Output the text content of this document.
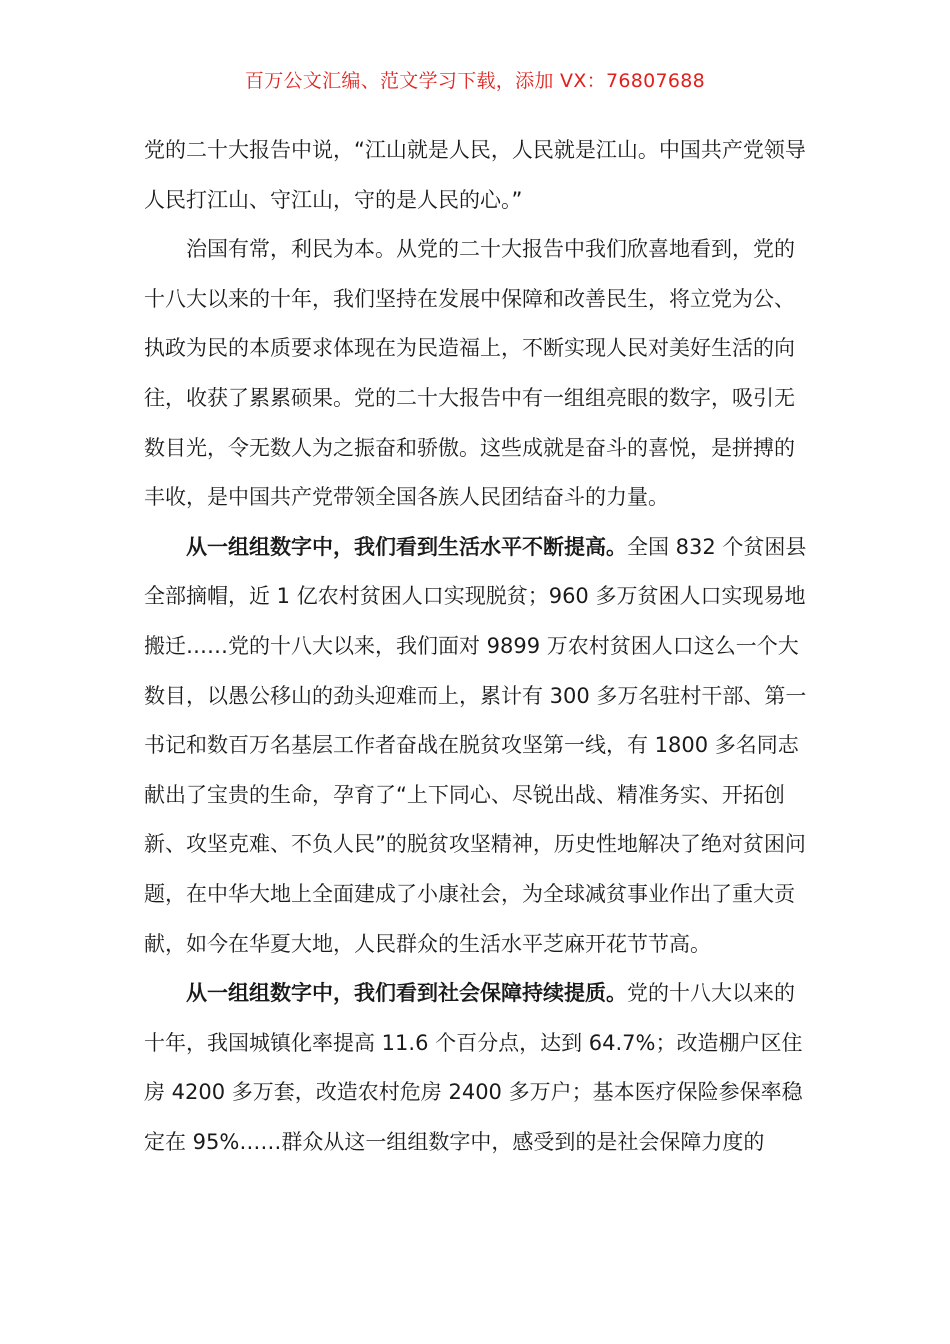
百万公文汇编、范文学习下载，添加 VX：76807688

党的二十大报告中说，“江山就是人民，人民就是江山。中国共产党领导人民打江山、守江山，守的是人民的心。”

治国有常，利民为本。从党的二十大报告中我们欣喜地看到，党的十八大以来的十年，我们坚持在发展中保障和改善民生，将立党为公、执政为民的本质要求体现在为民造福上，不断实现人民对美好生活的向往，收获了累累硕果。党的二十大报告中有一组组亮眼的数字，吸引无数目光，令无数人为之振奋和骄傲。这些成就是奋斗的喜悦，是拼搏的丰收，是中国共产党带领全国各族人民团结奋斗的力量。

从一组组数字中，我们看到生活水平不断提高。全国 832 个贫困县全部摘帽，近 1 亿农村贫困人口实现脱贫；960 多万贫困人口实现易地搬迁……党的十八大以来，我们面对 9899 万农村贫困人口这么一个大数目，以愚公移山的劲头迎难而上，累计有 300 多万名驻村干部、第一书记和数百万名基层工作者奋战在脱贫攻坚第一线，有 1800 多名同志献出了宝贵的生命，孕育了“上下同心、尽锐出战、精准务实、开拓创新、攻坚克难、不负人民”的脱贫攻坚精神，历史性地解决了绝对贫困问题，在中华大地上全面建成了小康社会，为全球减贫事业作出了重大贡献，如今在华夏大地，人民群众的生活水平芝麻开花节节高。

从一组组数字中，我们看到社会保障持续提质。党的十八大以来的十年，我国城镇化率提高 11.6 个百分点，达到 64.7%；改造棚户区住房 4200 多万套，改造农村危房 2400 多万户；基本医疗保险参保率稳定在 95%……群众从这一组组数字中，感受到的是社会保障力度的
